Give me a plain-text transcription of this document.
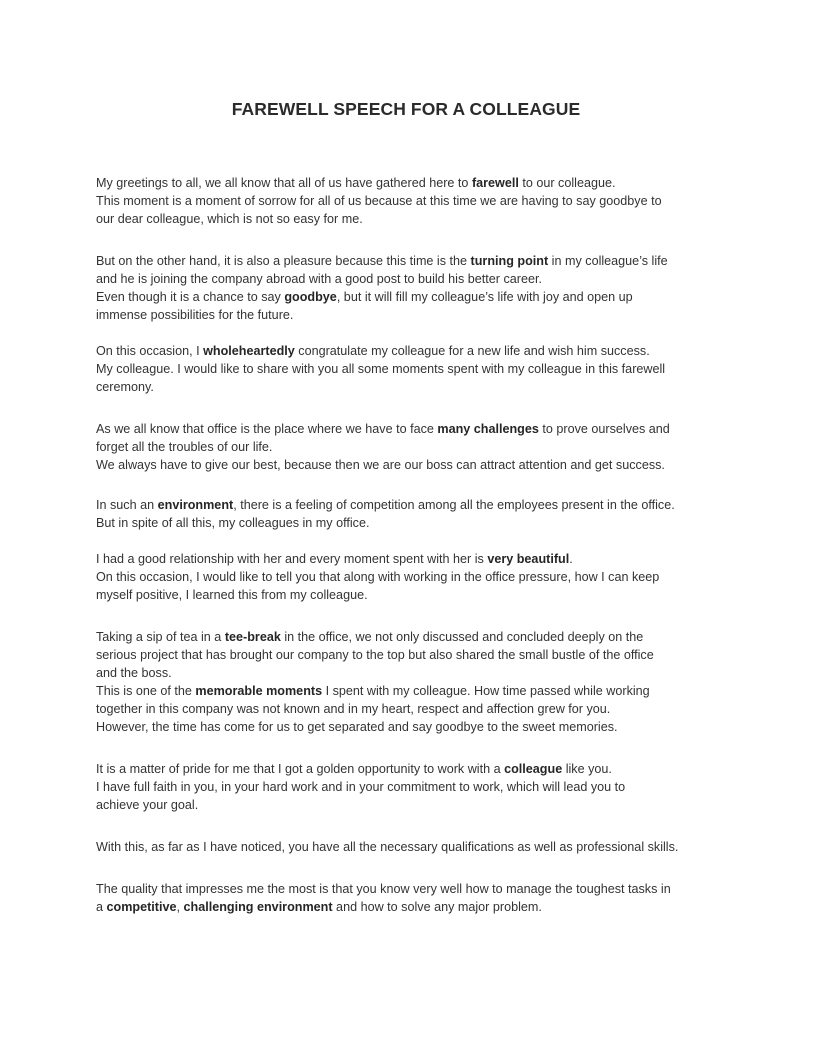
FAREWELL SPEECH FOR A COLLEAGUE

My greetings to all, we all know that all of us have gathered here to farewell to our colleague.
This moment is a moment of sorrow for all of us because at this time we are having to say goodbye to
our dear colleague, which is not so easy for me.

But on the other hand, it is also a pleasure because this time is the turning point in my colleague’s life
and he is joining the company abroad with a good post to build his better career.
Even though it is a chance to say goodbye, but it will fill my colleague’s life with joy and open up
immense possibilities for the future.

On this occasion, I wholeheartedly congratulate my colleague for a new life and wish him success.
My colleague. I would like to share with you all some moments spent with my colleague in this farewell
ceremony.

As we all know that office is the place where we have to face many challenges to prove ourselves and
forget all the troubles of our life.
We always have to give our best, because then we are our boss can attract attention and get success.

In such an environment, there is a feeling of competition among all the employees present in the office.
But in spite of all this, my colleagues in my office.

I had a good relationship with her and every moment spent with her is very beautiful.
On this occasion, I would like to tell you that along with working in the office pressure, how I can keep
myself positive, I learned this from my colleague.

Taking a sip of tea in a tee-break in the office, we not only discussed and concluded deeply on the
serious project that has brought our company to the top but also shared the small bustle of the office
and the boss.
This is one of the memorable moments I spent with my colleague. How time passed while working
together in this company was not known and in my heart, respect and affection grew for you.
However, the time has come for us to get separated and say goodbye to the sweet memories.

It is a matter of pride for me that I got a golden opportunity to work with a colleague like you.
I have full faith in you, in your hard work and in your commitment to work, which will lead you to
achieve your goal.

With this, as far as I have noticed, you have all the necessary qualifications as well as professional skills.

The quality that impresses me the most is that you know very well how to manage the toughest tasks in
a competitive, challenging environment and how to solve any major problem.
